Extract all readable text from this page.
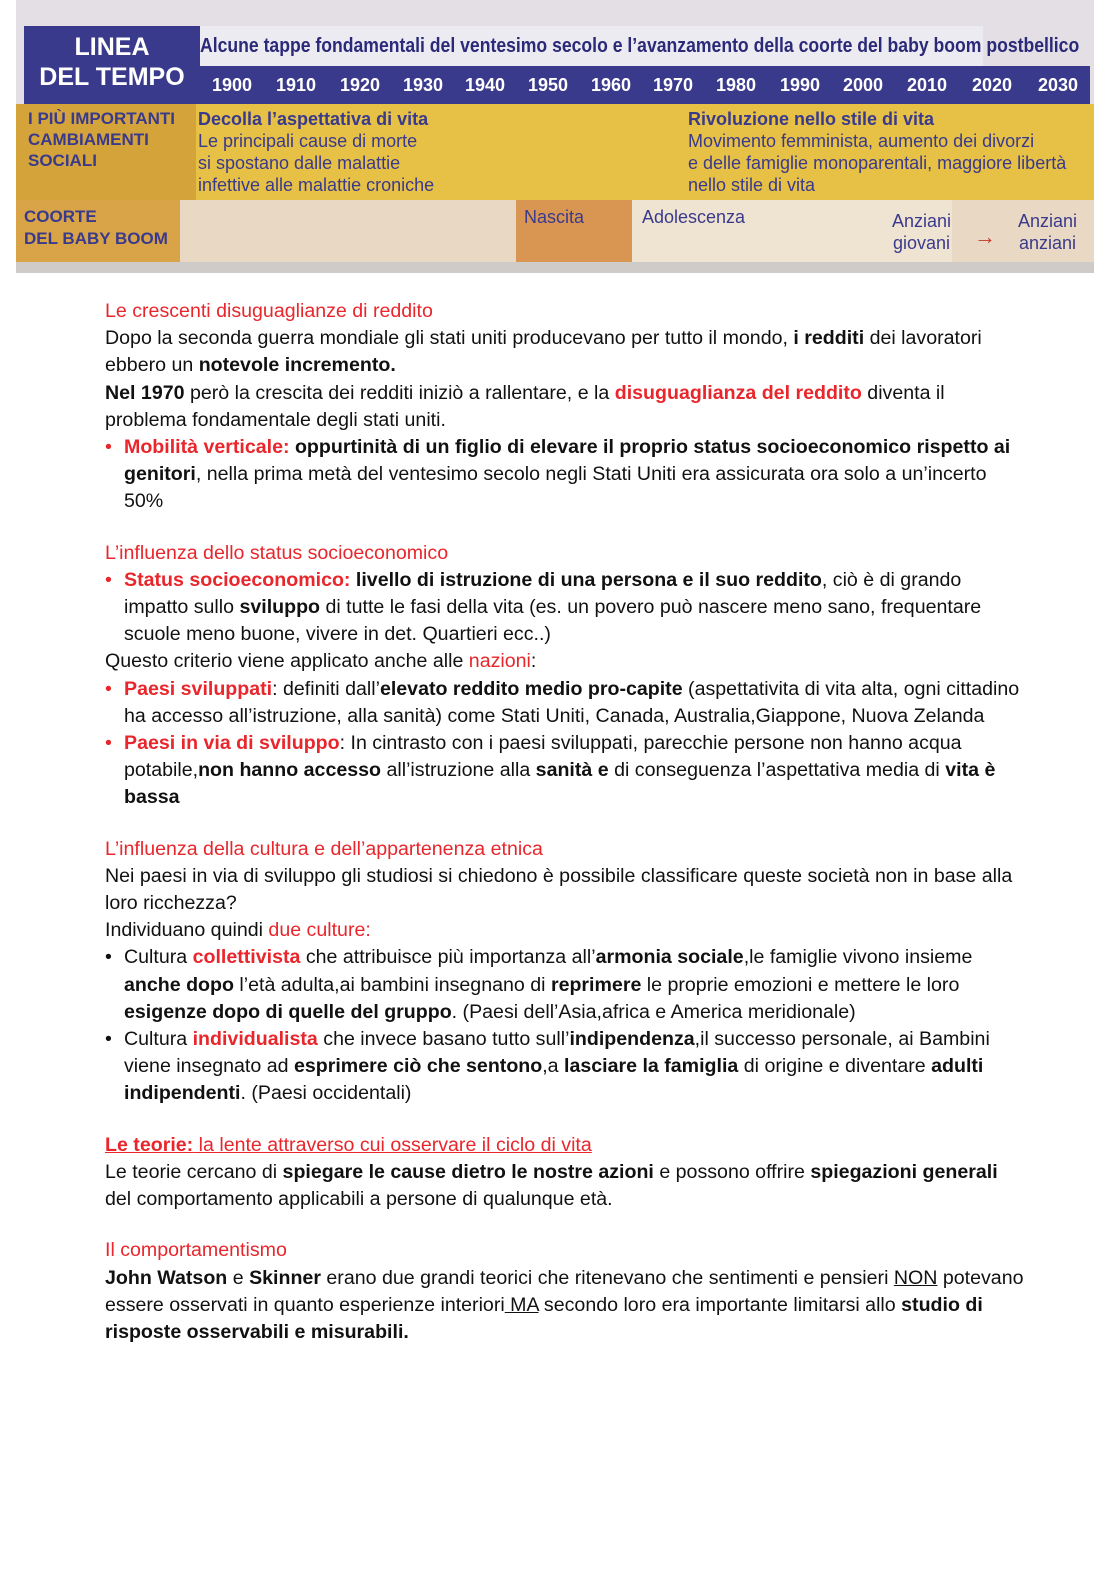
LINEA
DEL TEMPO
Alcune tappe fondamentali del ventesimo secolo e l’avanzamento della coorte del baby boom postbellico
1900 1910 1920 1930 1940 1950 1960 1970 1980 1990 2000 2010 2020 2030
I PIÙ IMPORTANTI
CAMBIAMENTI
SOCIALI
Decolla l’aspettativa di vita
Le principali cause di morte
si spostano dalle malattie
infettive alle malattie croniche
Rivoluzione nello stile di vita
Movimento femminista, aumento dei divorzi
e delle famiglie monoparentali, maggiore libertà
nello stile di vita
COORTE
DEL BABY BOOM
Nascita	Adolescenza	Anziani
giovani →
Anziani
anziani

Le crescenti disuguaglianze di reddito

Dopo la seconda guerra mondiale gli stati uniti producevano per tutto il mondo, i redditi dei lavoratori ebbero un notevole incremento.

Nel 1970 però la crescita dei redditi iniziò a rallentare, e la disuguaglianza del reddito diventa il problema fondamentale degli stati uniti.

• Mobilità verticale: oppurtinità di un figlio di elevare il proprio status socioeconomico rispetto ai genitori, nella prima metà del ventesimo secolo negli Stati Uniti era assicurata ora solo a un’incerto 50%

L’influenza dello status socioeconomico

• Status socioeconomico: livello di istruzione di una persona e il suo reddito, ciò è di grando impatto sullo sviluppo di tutte le fasi della vita (es. un povero può nascere meno sano, frequentare scuole meno buone, vivere in det. Quartieri ecc..)

Questo criterio viene applicato anche alle nazioni:

• Paesi sviluppati: definiti dall’elevato reddito medio pro-capite (aspettativita di vita alta, ogni cittadino ha accesso all’istruzione, alla sanità) come Stati Uniti, Canada, Australia,Giappone, Nuova Zelanda
• Paesi in via di sviluppo: In cintrasto con i paesi sviluppati, parecchie persone non hanno acqua potabile,non hanno accesso all’istruzione alla sanità e di conseguenza l’aspettativa media di vita è bassa

L’influenza della cultura e dell’appartenenza etnica

Nei paesi in via di sviluppo gli studiosi si chiedono è possibile classificare queste società non in base alla loro ricchezza?

Individuano quindi due culture:

• Cultura collettivista che attribuisce più importanza all’armonia sociale,le famiglie vivono insieme anche dopo l’età adulta,ai bambini insegnano di reprimere le proprie emozioni e mettere le loro esigenze dopo di quelle del gruppo. (Paesi dell’Asia,africa e America meridionale)
• Cultura individualista che invece basano tutto sull’indipendenza,il successo personale, ai Bambini viene insegnato ad esprimere ciò che sentono,a lasciare la famiglia di origine e diventare adulti indipendenti. (Paesi occidentali)

Le teorie: la lente attraverso cui osservare il ciclo di vita

Le teorie cercano di spiegare le cause dietro le nostre azioni e possono offrire spiegazioni generali del comportamento applicabili a persone di qualunque età.

Il comportamentismo

John Watson e Skinner erano due grandi teorici che ritenevano che sentimenti e pensieri NON potevano essere osservati in quanto esperienze interiori MA secondo loro era importante limitarsi allo studio di risposte osservabili e misurabili.
